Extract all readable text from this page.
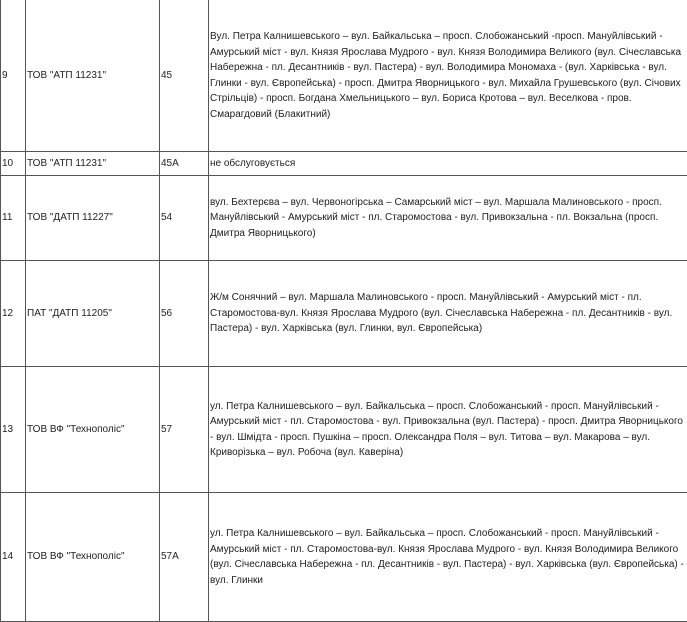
9	ТОВ "АТП 11231"	45	Вул. Петра Калнишевського – вул. Байкальська – просп. Слобожанський -просп. Мануйлівський - Амурський міст - вул. Князя Ярослава Мудрого - вул. Князя Володимира Великого (вул. Січеславська Набережна - пл. Десантників - вул. Пастера) - вул. Володимира Мономаха - (вул. Харківська - вул. Глинки - вул. Європейська) - просп. Дмитра Яворницького - вул. Михайла Грушевського (вул. Січових Стрільців) - просп. Богдана Хмельницького – вул. Бориса Кротова – вул. Веселкова - пров. Смарагдовий (Блакитний)
10	ТОВ "АТП 11231"	45А	не обслуговується
11	ТОВ "ДАТП 11227"	54	вул. Бехтерєва – вул. Червоногірська – Самарський міст – вул. Маршала Малиновського - просп. Мануйлівський - Амурський міст - пл. Старомостова - вул. Привокзальна - пл. Вокзальна (просп. Дмитра Яворницького)
12	ПАТ "ДАТП 11205"	56	Ж/м Сонячний – вул. Маршала Малиновського - просп. Мануйлівський - Амурський міст - пл. Старомостова-вул. Князя Ярослава Мудрого (вул. Січеславська Набережна - пл. Десантників - вул. Пастера) - вул. Харківська (вул. Глинки, вул. Європейська)
13	ТОВ ВФ "Технополіс"	57	ул. Петра Калнишевського – вул. Байкальська – просп. Слобожанський - просп. Мануйлівський - Амурський міст - пл. Старомостова - вул. Привокзальна (вул. Пастера) - просп. Дмитра Яворницького - вул. Шмідта - просп. Пушкіна – просп. Олександра Поля – вул. Титова – вул. Макарова – вул. Криворізька – вул. Робоча (вул. Каверіна)
14	ТОВ ВФ "Технополіс"	57А	ул. Петра Калнишевського – вул. Байкальська – просп. Слобожанський - просп. Мануйлівський - Амурський міст - пл. Старомостова-вул. Князя Ярослава Мудрого - вул. Князя Володимира Великого (вул. Січеславська Набережна - пл. Десантників - вул. Пастера) - вул. Харківська (вул. Європейська) - вул. Глинки
